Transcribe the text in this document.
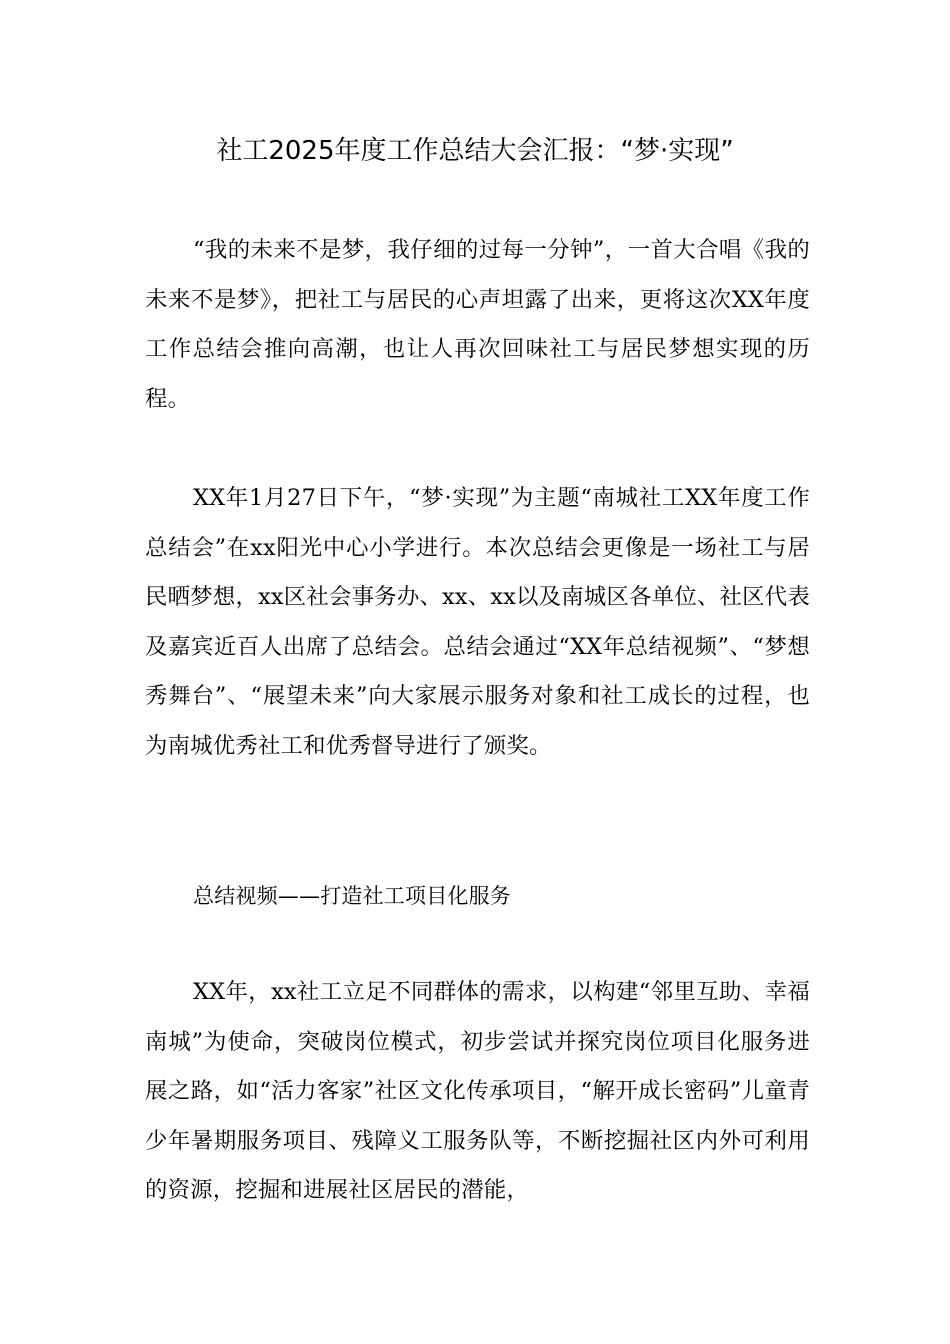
社工2025年度工作总结大会汇报：“梦·实现”
“我的未来不是梦，我仔细的过每一分钟”，一首大合唱《我的未来不是梦》，把社工与居民的心声坦露了出来，更将这次XX年度工作总结会推向高潮，也让人再次回味社工与居民梦想实现的历程。
XX年1月27日下午，“梦·实现”为主题“南城社工XX年度工作总结会”在xx阳光中心小学进行。本次总结会更像是一场社工与居民晒梦想，xx区社会事务办、xx、xx以及南城区各单位、社区代表及嘉宾近百人出席了总结会。总结会通过“XX年总结视频”、“梦想秀舞台”、“展望未来”向大家展示服务对象和社工成长的过程，也为南城优秀社工和优秀督导进行了颁奖。
总结视频——打造社工项目化服务
XX年，xx社工立足不同群体的需求，以构建“邻里互助、幸福南城”为使命，突破岗位模式，初步尝试并探究岗位项目化服务进展之路，如“活力客家”社区文化传承项目，“解开成长密码”儿童青少年暑期服务项目、残障义工服务队等，不断挖掘社区内外可利用的资源，挖掘和进展社区居民的潜能，
